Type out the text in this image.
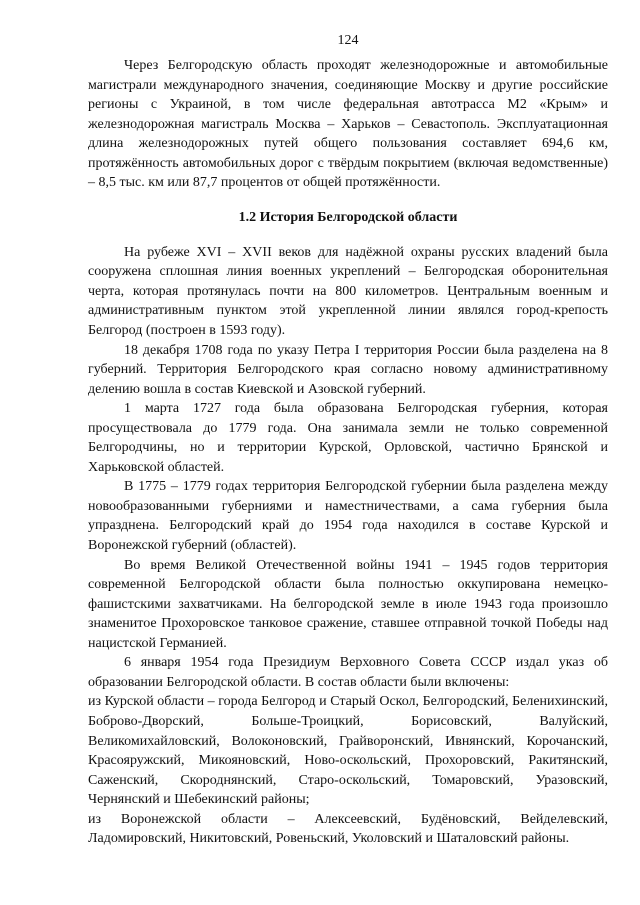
124

Через Белгородскую область проходят железнодорожные и автомобильные магистрали международного значения, соединяющие Москву и другие российские регионы с Украиной, в том числе федеральная автотрасса М2 «Крым» и железнодорожная магистраль Москва – Харьков – Севастополь. Эксплуатационная длина железнодорожных путей общего пользования составляет 694,6 км, протяжённость автомобильных дорог с твёрдым покрытием (включая ведомственные) – 8,5 тыс. км или 87,7 процентов от общей протяжённости.

1.2 История Белгородской области

На рубеже XVI – XVII веков для надёжной охраны русских владений была сооружена сплошная линия военных укреплений – Белгородская оборонительная черта, которая протянулась почти на 800 километров. Центральным военным и административным пунктом этой укрепленной линии являлся город-крепость Белгород (построен в 1593 году).

18 декабря 1708 года по указу Петра I территория России была разделена на 8 губерний. Территория Белгородского края согласно новому административному делению вошла в состав Киевской и Азовской губерний.

1 марта 1727 года была образована Белгородская губерния, которая просуществовала до 1779 года. Она занимала земли не только современной Белгородчины, но и территории Курской, Орловской, частично Брянской и Харьковской областей.

В 1775 – 1779 годах территория Белгородской губернии была разделена между новообразованными губерниями и наместничествами, а сама губерния была упразднена. Белгородский край до 1954 года находился в составе Курской и Воронежской губерний (областей).

Во время Великой Отечественной войны 1941 – 1945 годов территория современной Белгородской области была полностью оккупирована немецко-фашистскими захватчиками. На белгородской земле в июле 1943 года произошло знаменитое Прохоровское танковое сражение, ставшее отправной точкой Победы над нацистской Германией.

6 января 1954 года Президиум Верховного Совета СССР издал указ об образовании Белгородской области. В состав области были включены:

из Курской области – города Белгород и Старый Оскол, Белгородский, Беленихинский, Боброво-Дворский, Больше-Троицкий, Борисовский, Валуйский, Великомихайловский, Волоконовский, Грайворонский, Ивнянский, Корочанский, Красояружский, Микояновский, Ново-оскольский, Прохоровский, Ракитянский, Саженский, Скороднянский, Старо-оскольский, Томаровский, Уразовский, Чернянский и Шебекинский районы;

из Воронежской области – Алексеевский, Будёновский, Вейделевский, Ладомировский, Никитовский, Ровеньский, Уколовский и Шаталовский районы.
